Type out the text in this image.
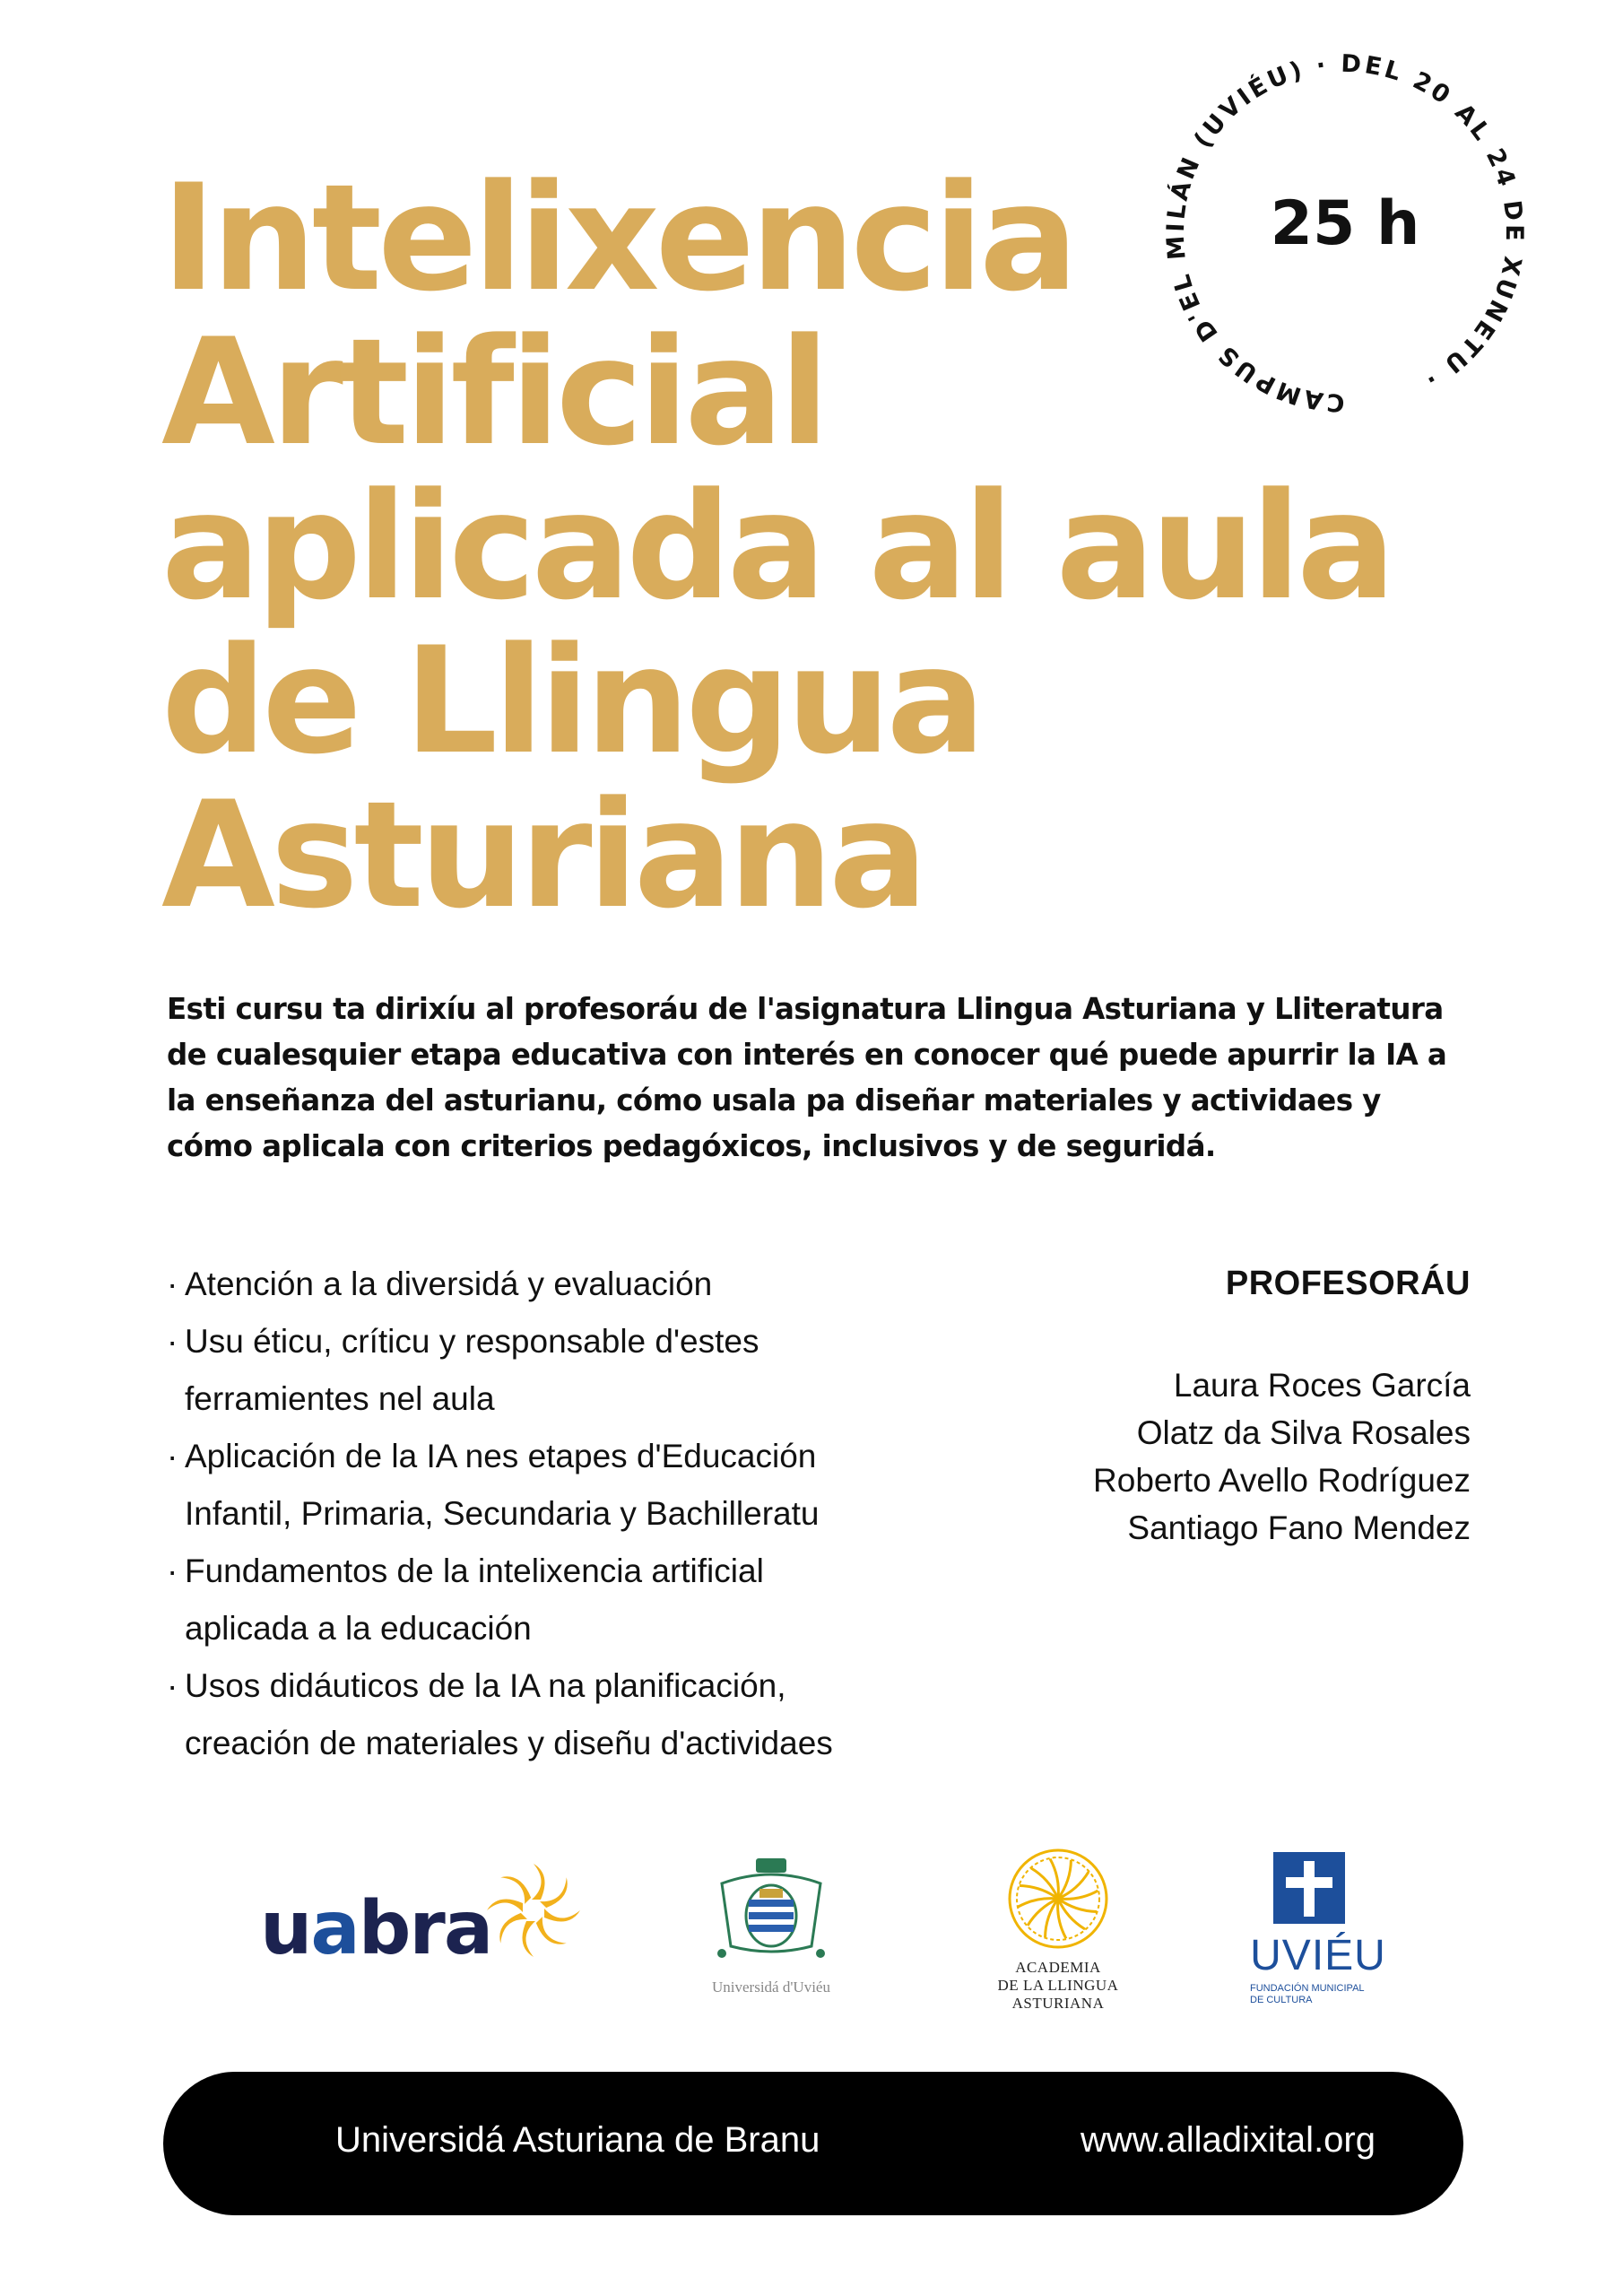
Intelixencia
Artificial
aplicada al aula
de Llingua
Asturiana
CAMPUS D'EL MILÁN (UVIÉU) · DEL 20 AL 24 DE XUNETU ·
25 h

Esti cursu ta dirixíu al profesoráu de l'asignatura Llingua Asturiana y Lliteratura de cualesquier etapa educativa con interés en conocer qué puede apurrir la IA a la enseñanza del asturianu, cómo usala pa diseñar materiales y actividaes y cómo aplicala con criterios pedagóxicos, inclusivos y de seguridá.

· Atención a la diversidá y evaluación
· Usu éticu, críticu y responsable d'estes
ferramientes nel aula
· Aplicación de la IA nes etapes d'Educación
Infantil, Primaria, Secundaria y Bachilleratu
· Fundamentos de la intelixencia artificial
aplicada a la educación
· Usos didáuticos de la IA na planificación,
creación de materiales y diseñu d'actividaes
PROFESORÁU
Laura Roces García
Olatz da Silva Rosales
Roberto Avello Rodríguez
Santiago Fano Mendez
uabra
Universidá d'Uviéu
ACADEMIA
DE LA LLINGUA
ASTURIANA
UVIÉU
FUNDACIÓN MUNICIPAL
DE CULTURA
Universidá Asturiana de Branu	www.alladixital.org
